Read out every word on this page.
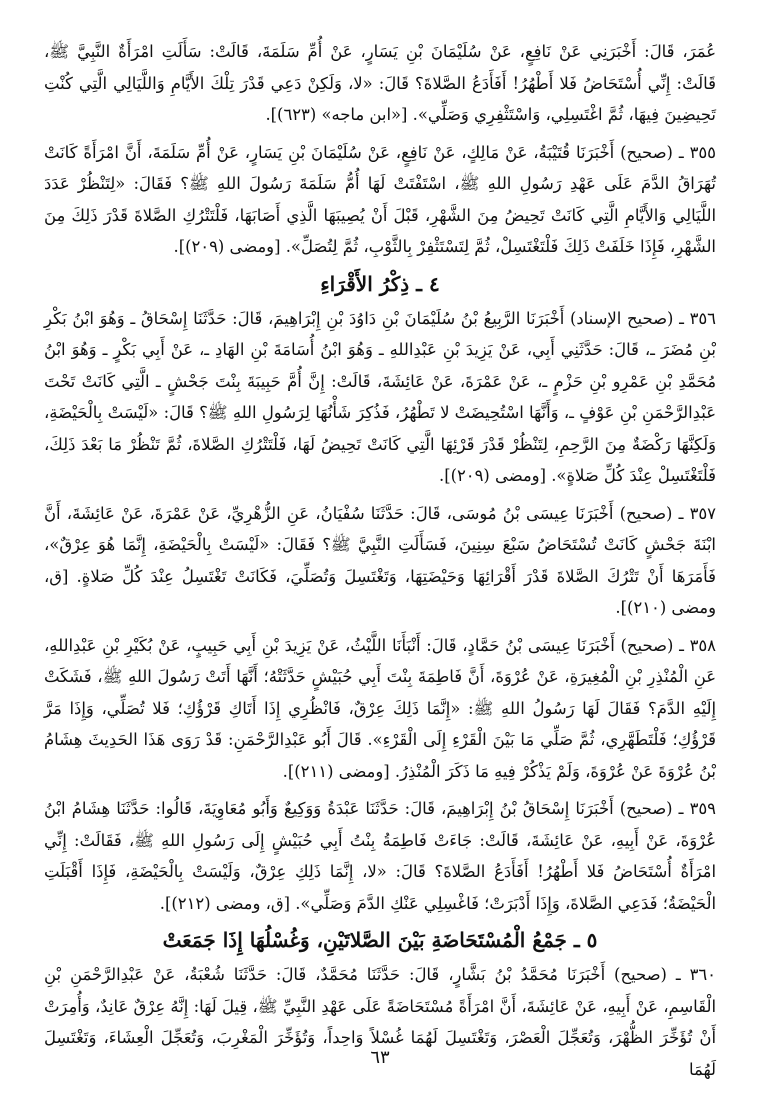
عُمَرَ، قَالَ: أَخْبَرَنِي عَنْ نَافِعٍ، عَنْ سُلَيْمَانَ بْنِ يَسَارٍ، عَنْ أُمِّ سَلَمَةَ، قَالَتْ: سَأَلَتِ امْرَأَةٌ النَّبِيَّ ﷺ، قَالَتْ: إِنِّي أُسْتَحَاضُ فَلا أَطْهُرُ! أَفَأَدَعُ الصَّلاةَ؟ قَالَ: «لا، وَلَكِنْ دَعِي قَدْرَ تِلْكَ الأَيَّامِ وَاللَّيَالِي الَّتِي كُنْتِ تَحِيضِينَ فِيهَا، ثُمَّ اغْتَسِلِي، وَاسْتَثْفِرِي وَصَلِّي». [«ابن ماجه» (٦٢٣)].

٣٥٥ ـ (صحيح) أَخْبَرَنَا قُتَيْبَةُ، عَنْ مَالِكٍ، عَنْ نَافِعٍ، عَنْ سُلَيْمَانَ بْنِ يَسَارٍ، عَنْ أُمِّ سَلَمَةَ، أَنَّ امْرَأَةً كَانَتْ تُهَرَاقُ الدَّمَ عَلَى عَهْدِ رَسُولِ اللهِ ﷺ، اسْتَفْتَتْ لَهَا أُمُّ سَلَمَةَ رَسُولَ اللهِ ﷺ؟ فَقَالَ: «لِتَنْظُرْ عَدَدَ اللَّيَالِي وَالأَيَّامِ الَّتِي كَانَتْ تَحِيضُ مِنَ الشَّهْرِ، قَبْلَ أَنْ يُصِيبَهَا الَّذِي أَصَابَهَا، فَلْتَتْرُكِ الصَّلاةَ قَدْرَ ذَلِكَ مِنَ الشَّهْرِ، فَإِذَا خَلَفَتْ ذَلِكَ فَلْتَغْتَسِلْ، ثُمَّ لِتَسْتَثْفِرْ بِالثَّوْبِ، ثُمَّ لِتُصَلِّ». [ومضى (٢٠٩)].

٤ ـ ذِكْرُ الأَقْرَاءِ

٣٥٦ ـ (صحيح الإسناد) أَخْبَرَنَا الرَّبِيعُ بْنُ سُلَيْمَانَ بْنِ دَاوُدَ بْنِ إِبْرَاهِيمَ، قَالَ: حَدَّثَنَا إِسْحَاقُ ـ وَهُوَ ابْنُ بَكْرِ بْنِ مُضَرَ ـ، قَالَ: حَدَّثَنِي أَبِي، عَنْ يَزِيدَ بْنِ عَبْدِاللهِ ـ وَهُوَ ابْنُ أُسَامَةَ بْنِ الهَادِ ـ، عَنْ أَبِي بَكْرٍ ـ وَهُوَ ابْنُ مُحَمَّدِ بْنِ عَمْرِو بْنِ حَزْمٍ ـ، عَنْ عَمْرَةَ، عَنْ عَائِشَةَ، قَالَتْ: إِنَّ أُمَّ حَبِيبَةَ بِنْتَ جَحْشٍ ـ الَّتِي كَانَتْ تَحْتَ عَبْدِالرَّحْمَنِ بْنِ عَوْفٍ ـ، وَأَنَّهَا اسْتُحِيضَتْ لا تَطْهُرُ، فَذُكِرَ شَأْنُهَا لِرَسُولِ اللهِ ﷺ؟ قَالَ: «لَيْسَتْ بِالْحَيْضَةِ، وَلَكِنَّهَا رَكْضَةٌ مِنَ الرَّحِمِ، لِتَنْظُرْ قَدْرَ قَرْئِهَا الَّتِي كَانَتْ تَحِيضُ لَهَا، فَلْتَتْرُكِ الصَّلاةَ، ثُمَّ تَنْظُرْ مَا بَعْدَ ذَلِكَ، فَلْتَغْتَسِلْ عِنْدَ كُلِّ صَلاةٍ». [ومضى (٢٠٩)].

٣٥٧ ـ (صحيح) أَخْبَرَنَا عِيسَى بْنُ مُوسَى، قَالَ: حَدَّثَنَا سُفْيَانُ، عَنِ الزُّهْرِيِّ، عَنْ عَمْرَةَ، عَنْ عَائِشَةَ، أَنَّ ابْنَةَ جَحْشٍ كَانَتْ تُسْتَحَاضُ سَبْعَ سِنِينَ، فَسَأَلَتِ النَّبِيَّ ﷺ؟ فَقَالَ: «لَيْسَتْ بِالْحَيْضَةِ، إِنَّمَا هُوَ عِرْقٌ»، فَأَمَرَهَا أَنْ تَتْرُكَ الصَّلاةَ قَدْرَ أَقْرَائِهَا وَحَيْضَتِهَا، وَتَغْتَسِلَ وَتُصَلِّيَ، فَكَانَتْ تَغْتَسِلُ عِنْدَ كُلِّ صَلاةٍ. [ق، ومضى (٢١٠)].

٣٥٨ ـ (صحيح) أَخْبَرَنَا عِيسَى بْنُ حَمَّادٍ، قَالَ: أَنْبَأَنَا اللَّيْثُ، عَنْ يَزِيدَ بْنِ أَبِي حَبِيبٍ، عَنْ بُكَيْرِ بْنِ عَبْدِاللهِ، عَنِ الْمُنْذِرِ بْنِ الْمُغِيرَةِ، عَنْ عُرْوَةَ، أَنَّ فَاطِمَةَ بِنْتَ أَبِي حُبَيْشٍ حَدَّثَتْهُ؛ أَنَّهَا أَتَتْ رَسُولَ اللهِ ﷺ، فَشَكَتْ إِلَيْهِ الدَّمَ؟ فَقَالَ لَهَا رَسُولُ اللهِ ﷺ: «إِنَّمَا ذَلِكَ عِرْقٌ، فَانْظُرِي إِذَا أَتَاكِ قَرْؤُكِ؛ فَلا تُصَلِّي، وَإِذَا مَرَّ قَرْؤُكِ؛ فَلْتَطَهَّرِي، ثُمَّ صَلِّي مَا بَيْنَ الْقَرْءِ إِلَى الْقَرْءِ». قَالَ أَبُو عَبْدِالرَّحْمَنِ: قَدْ رَوَى هَذَا الحَدِيثَ هِشَامُ بْنُ عُرْوَةَ عَنْ عُرْوَةَ، وَلَمْ يَذْكُرْ فِيهِ مَا ذَكَرَ الْمُنْذِرُ. [ومضى (٢١١)].

٣٥٩ ـ (صحيح) أَخْبَرَنَا إِسْحَاقُ بْنُ إِبْرَاهِيمَ، قَالَ: حَدَّثَنَا عَبْدَةُ وَوَكِيعٌ وَأَبُو مُعَاوِيَةَ، قَالُوا: حَدَّثَنَا هِشَامُ ابْنُ عُرْوَةَ، عَنْ أَبِيهِ، عَنْ عَائِشَةَ، قَالَتْ: جَاءَتْ فَاطِمَةُ بِنْتُ أَبِي حُبَيْشٍ إِلَى رَسُولِ اللهِ ﷺ، فَقَالَتْ: إِنِّي امْرَأَةٌ أُسْتَحَاضُ فَلا أَطْهُرُ! أَفَأَدَعُ الصَّلاةَ؟ قَالَ: «لا، إِنَّمَا ذَلِكِ عِرْقٌ، وَلَيْسَتْ بِالْحَيْضَةِ، فَإِذَا أَقْبَلَتِ الْحَيْضَةُ؛ فَدَعِي الصَّلاةَ، وَإِذَا أَدْبَرَتْ؛ فَاغْسِلِي عَنْكِ الدَّمَ وَصَلِّي». [ق، ومضى (٢١٢)].

٥ ـ جَمْعُ الْمُسْتَحَاضَةِ بَيْنَ الصَّلاتَيْنِ، وَغُسْلُهَا إِذَا جَمَعَتْ

٣٦٠ ـ (صحيح) أَخْبَرَنَا مُحَمَّدُ بْنُ بَشَّارٍ، قَالَ: حَدَّثَنَا مُحَمَّدٌ، قَالَ: حَدَّثَنَا شُعْبَةُ، عَنْ عَبْدِالرَّحْمَنِ بْنِ الْقَاسِمِ، عَنْ أَبِيهِ، عَنْ عَائِشَةَ، أَنَّ امْرَأَةً مُسْتَحَاضَةً عَلَى عَهْدِ النَّبِيِّ ﷺ، قِيلَ لَهَا: إِنَّهُ عِرْقٌ عَانِدٌ، وَأُمِرَتْ أَنْ تُؤَخِّرَ الظُّهْرَ، وَتُعَجِّلَ الْعَصْرَ، وَتَغْتَسِلَ لَهُمَا غُسْلاً وَاحِداً، وَتُؤَخِّرَ الْمَغْرِبَ، وَتُعَجِّلَ الْعِشَاءَ، وَتَغْتَسِلَ لَهُمَا

٦٣
